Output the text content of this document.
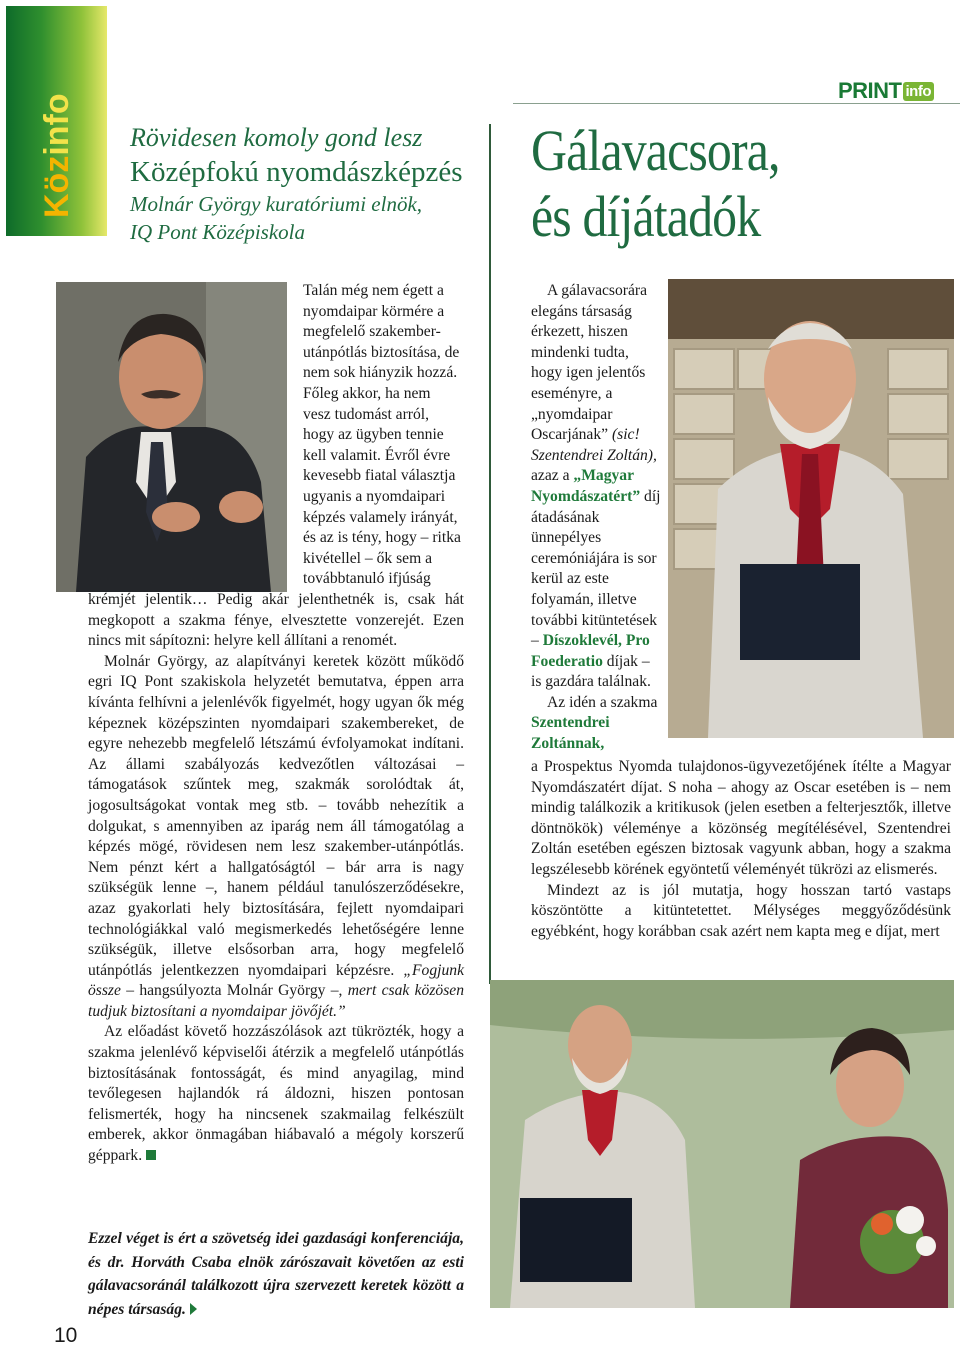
Közinfo Rövidesen komoly gond lesz
Középfokú nyomdászképzés
Molnár György kuratóriumi elnök,
IQ Pont Középiskola
PRINT info
Gálavacsora,
és díjátadók

Talán még nem égett a nyomdaipar körmére a megfelelő szakember-utánpótlás biztosítása, de nem sok hiányzik hozzá. Főleg akkor, ha nem vesz tudomást arról, hogy az ügyben tennie kell valamit. Évről évre kevesebb fiatal választja ugyanis a nyomdaipari képzés valamely irányát, és az is tény, hogy – ritka kivétellel – ők sem a továbbtanuló ifjúság

krémjét jelentik… Pedig akár jelenthetnék is, csak hát megkopott a szakma fénye, elvesztette vonzerejét. Ezen nincs mit sápítozni: helyre kell állítani a renomét.

Molnár György, az alapítványi keretek között működő egri IQ Pont szakiskola helyzetét bemutatva, éppen arra kívánta felhívni a jelenlévők figyelmét, hogy ugyan ők még képeznek középszinten nyomdaipari szakembereket, de egyre nehezebb megfelelő létszámú évfolyamokat indítani. Az állami szabályozás kedvezőtlen változásai – támogatások szűntek meg, szakmák sorolódtak át, jogosultságokat vontak meg stb. – tovább nehezítik a dolgukat, s amennyiben az iparág nem áll támogatólag a képzés mögé, rövidesen nem lesz szakember-utánpótlás. Nem pénzt kért a hallgatóságtól – bár arra is nagy szükségük lenne –, hanem például tanulószerződésekre, azaz gyakorlati hely biztosítására, fejlett nyomdaipari technológiákkal való megismerkedés lehetőségére lenne szükségük, illetve elsősorban arra, hogy megfelelő utánpótlás jelentkezzen nyomdaipari képzésre. „Fogjunk össze – hangsúlyozta Molnár György –, mert csak közösen tudjuk biztosítani a nyomdaipar jövőjét.”

Az előadást követő hozzászólások azt tükrözték, hogy a szakma jelenlévő képviselői átérzik a megfelelő utánpótlás biztosításának fontosságát, és mind anyagilag, mind tevőlegesen hajlandók rá áldozni, hiszen pontosan felismerték, hogy ha nincsenek szakmailag felkészült emberek, akkor önmagában hiábavaló a mégoly korszerű géppark.

Ezzel véget is ért a szövetség idei gazdasági konferenciája, és dr. Horváth Csaba elnök zárószavait követően az esti gálavacsoránál találkozott újra szervezett keretek között a népes társaság.

A gálavacsorára elegáns társaság érkezett, hiszen mindenki tudta, hogy igen jelentős eseményre, a „nyomdaipar Oscarjának” (sic! Szentendrei Zoltán), azaz a „Magyar Nyomdászatért” díj átadásának ünnepélyes ceremóniájára is sor kerül az este folyamán, illetve további kitüntetések – Díszoklevél, Pro Foederatio díjak – is gazdára találnak.

Az idén a szakma Szentendrei Zoltánnak,

a Prospektus Nyomda tulajdonos-ügyvezetőjének ítélte a Magyar Nyomdászatért díjat. S noha – ahogy az Oscar esetében is – nem mindig találkozik a kritikusok (jelen esetben a felterjesztők, illetve döntnökök) véleménye a közönség megítélésével, Szentendrei Zoltán esetében egészen biztosak vagyunk abban, hogy a szakma legszélesebb körének egyöntetű véleményét tükrözi az elismerés.

Mindezt az is jól mutatja, hogy hosszan tartó vastaps köszöntötte a kitüntetettet. Mélységes meggyőződésünk egyébként, hogy korábban csak azért nem kapta meg e díjat, mert

10
